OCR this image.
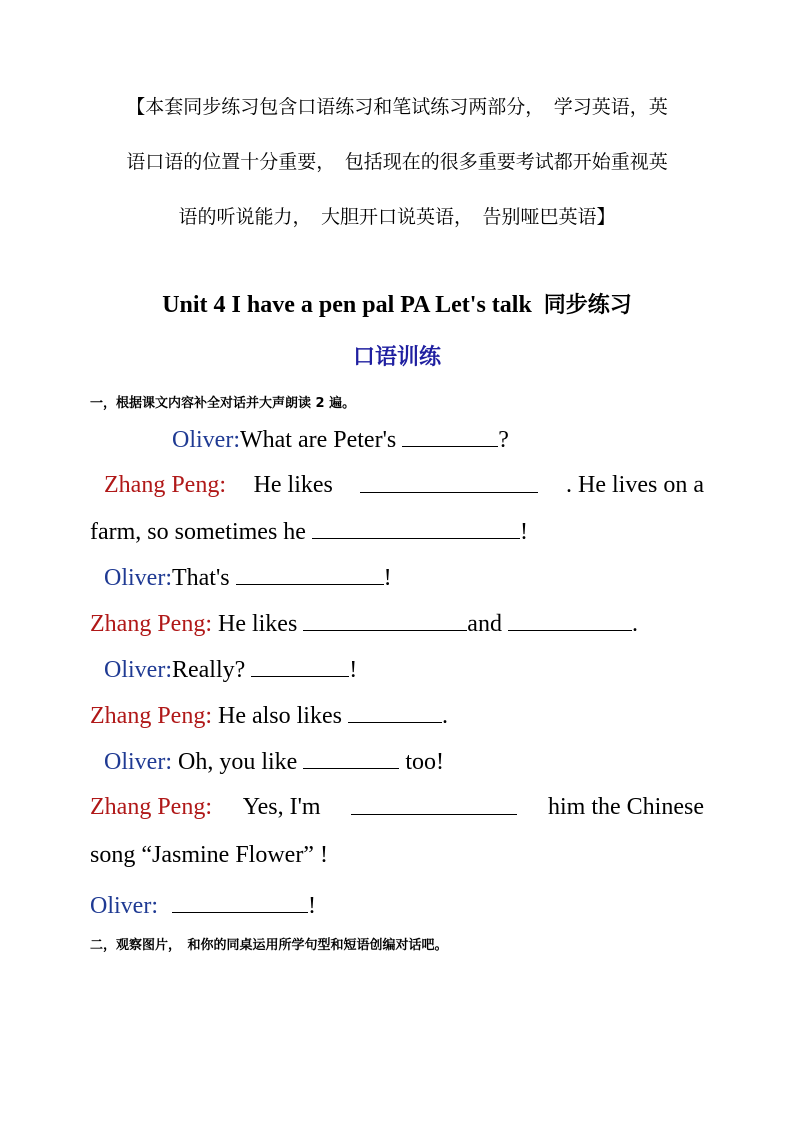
【本套同步练习包含口语练习和笔试练习两部分，　学习英语，英
语口语的位置十分重要，　包括现在的很多重要考试都开始重视英
语的听说能力，　大胆开口说英语，　告别哑巴英语】
Unit 4 I have a pen pal PA Let's talk 同步练习
口语训练
一，根据课文内容补全对话并大声朗读 2 遍。
Oliver:What are Peter's	?
Zhang Peng: He likes	. He lives on a
farm, so sometimes he	!
Oliver:That's	!
Zhang Peng: He likes	and	.
Oliver:Really?	!
Zhang Peng: He also likes	.
Oliver: Oh, you like	too!
Zhang Peng: Yes, I'm	him the Chinese
song “Jasmine Flower” !
Oliver:	!
二，观察图片，　和你的同桌运用所学句型和短语创编对话吧。
